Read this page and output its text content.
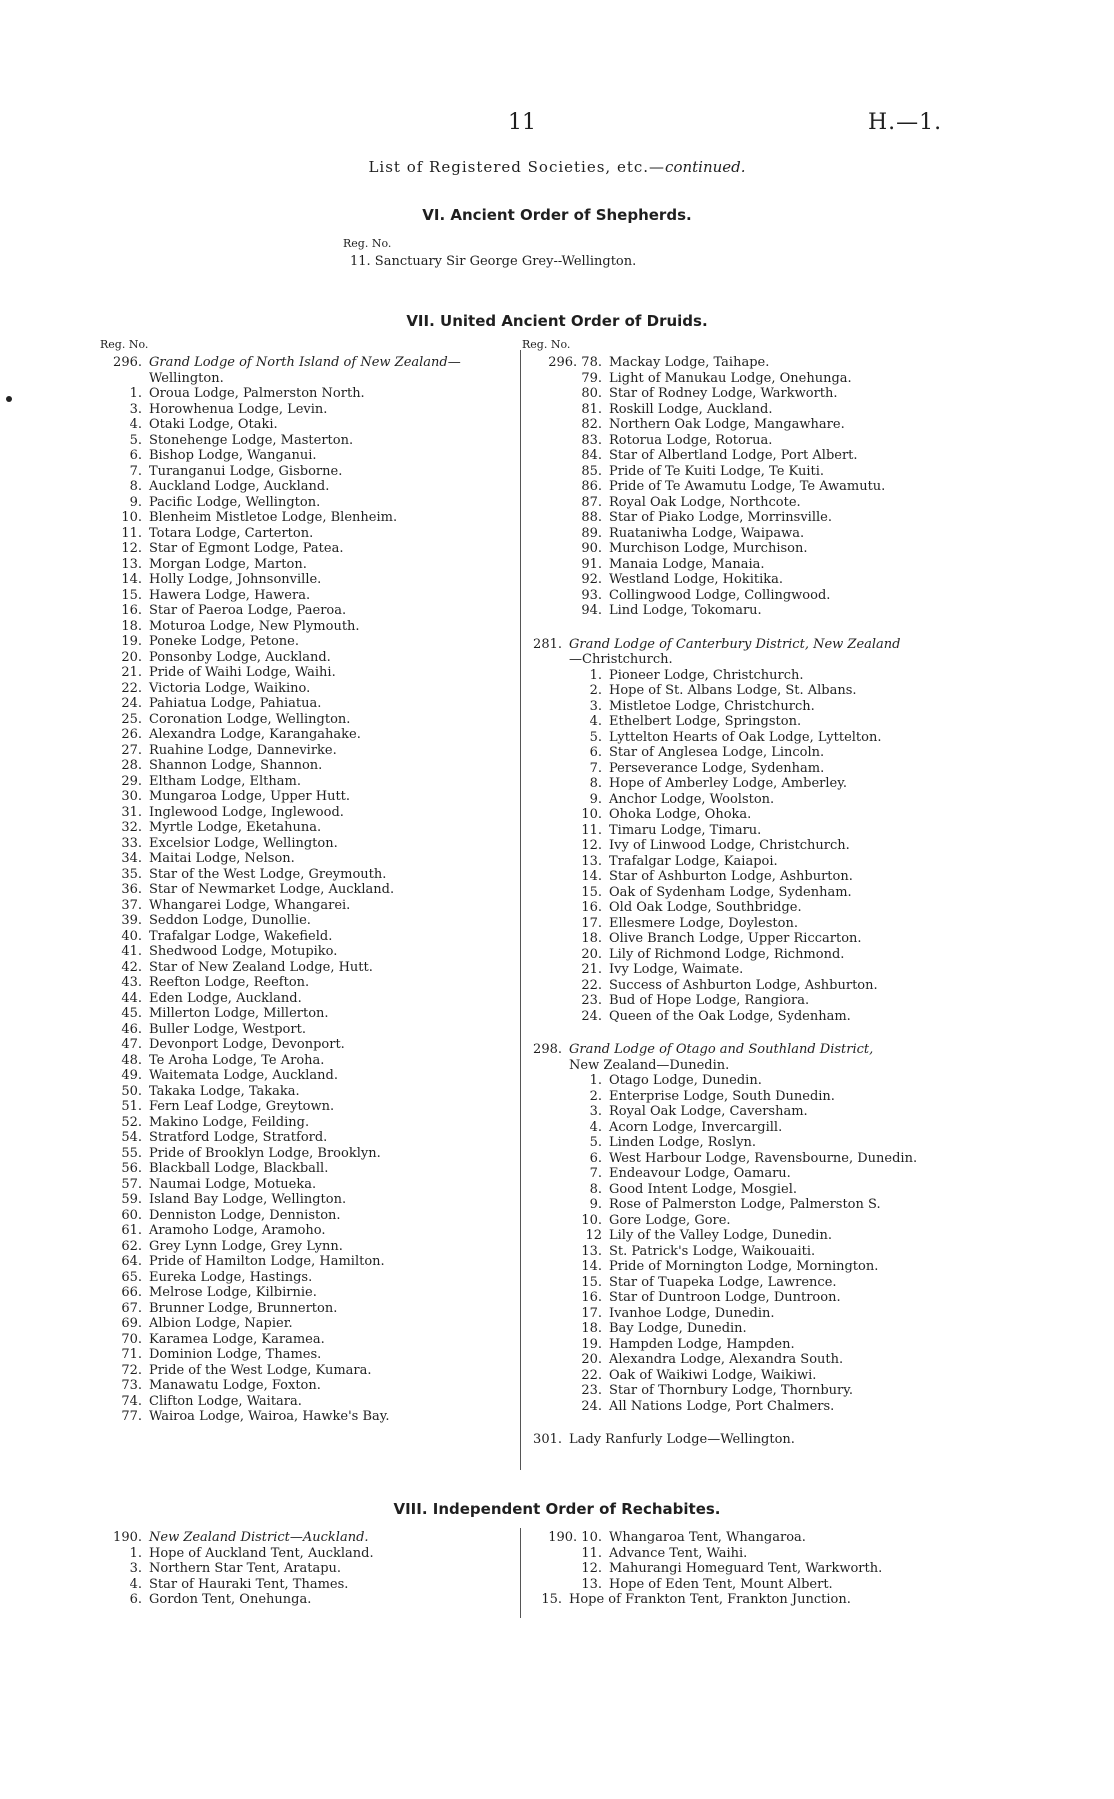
11	H.—1.
List of Registered Societies, etc.—continued.
VI. Ancient Order of Shepherds.
Reg. No.
11. Sanctuary Sir George Grey--Wellington.
VII. United Ancient Order of Druids.
Reg. No.	Reg. No.
296. Grand Lodge of North Island of New Zealand—
Wellington.
1. Oroua Lodge, Palmerston North.
3. Horowhenua Lodge, Levin.
4. Otaki Lodge, Otaki.
5. Stonehenge Lodge, Masterton.
6. Bishop Lodge, Wanganui.
7. Turanganui Lodge, Gisborne.
8. Auckland Lodge, Auckland.
9. Pacific Lodge, Wellington.
10. Blenheim Mistletoe Lodge, Blenheim.
11. Totara Lodge, Carterton.
12. Star of Egmont Lodge, Patea.
13. Morgan Lodge, Marton.
14. Holly Lodge, Johnsonville.
15. Hawera Lodge, Hawera.
16. Star of Paeroa Lodge, Paeroa.
18. Moturoa Lodge, New Plymouth.
19. Poneke Lodge, Petone.
20. Ponsonby Lodge, Auckland.
21. Pride of Waihi Lodge, Waihi.
22. Victoria Lodge, Waikino.
24. Pahiatua Lodge, Pahiatua.
25. Coronation Lodge, Wellington.
26. Alexandra Lodge, Karangahake.
27. Ruahine Lodge, Dannevirke.
28. Shannon Lodge, Shannon.
29. Eltham Lodge, Eltham.
30. Mungaroa Lodge, Upper Hutt.
31. Inglewood Lodge, Inglewood.
32. Myrtle Lodge, Eketahuna.
33. Excelsior Lodge, Wellington.
34. Maitai Lodge, Nelson.
35. Star of the West Lodge, Greymouth.
36. Star of Newmarket Lodge, Auckland.
37. Whangarei Lodge, Whangarei.
39. Seddon Lodge, Dunollie.
40. Trafalgar Lodge, Wakefield.
41. Shedwood Lodge, Motupiko.
42. Star of New Zealand Lodge, Hutt.
43. Reefton Lodge, Reefton.
44. Eden Lodge, Auckland.
45. Millerton Lodge, Millerton.
46. Buller Lodge, Westport.
47. Devonport Lodge, Devonport.
48. Te Aroha Lodge, Te Aroha.
49. Waitemata Lodge, Auckland.
50. Takaka Lodge, Takaka.
51. Fern Leaf Lodge, Greytown.
52. Makino Lodge, Feilding.
54. Stratford Lodge, Stratford.
55. Pride of Brooklyn Lodge, Brooklyn.
56. Blackball Lodge, Blackball.
57. Naumai Lodge, Motueka.
59. Island Bay Lodge, Wellington.
60. Denniston Lodge, Denniston.
61. Aramoho Lodge, Aramoho.
62. Grey Lynn Lodge, Grey Lynn.
64. Pride of Hamilton Lodge, Hamilton.
65. Eureka Lodge, Hastings.
66. Melrose Lodge, Kilbirnie.
67. Brunner Lodge, Brunnerton.
69. Albion Lodge, Napier.
70. Karamea Lodge, Karamea.
71. Dominion Lodge, Thames.
72. Pride of the West Lodge, Kumara.
73. Manawatu Lodge, Foxton.
74. Clifton Lodge, Waitara.
77. Wairoa Lodge, Wairoa, Hawke's Bay.
296. 78. Mackay Lodge, Taihape.
79. Light of Manukau Lodge, Onehunga.
80. Star of Rodney Lodge, Warkworth.
81. Roskill Lodge, Auckland.
82. Northern Oak Lodge, Mangawhare.
83. Rotorua Lodge, Rotorua.
84. Star of Albertland Lodge, Port Albert.
85. Pride of Te Kuiti Lodge, Te Kuiti.
86. Pride of Te Awamutu Lodge, Te Awamutu.
87. Royal Oak Lodge, Northcote.
88. Star of Piako Lodge, Morrinsville.
89. Ruataniwha Lodge, Waipawa.
90. Murchison Lodge, Murchison.
91. Manaia Lodge, Manaia.
92. Westland Lodge, Hokitika.
93. Collingwood Lodge, Collingwood.
94. Lind Lodge, Tokomaru.
281. Grand Lodge of Canterbury District, New Zealand
—Christchurch.
1. Pioneer Lodge, Christchurch.
2. Hope of St. Albans Lodge, St. Albans.
3. Mistletoe Lodge, Christchurch.
4. Ethelbert Lodge, Springston.
5. Lyttelton Hearts of Oak Lodge, Lyttelton.
6. Star of Anglesea Lodge, Lincoln.
7. Perseverance Lodge, Sydenham.
8. Hope of Amberley Lodge, Amberley.
9. Anchor Lodge, Woolston.
10. Ohoka Lodge, Ohoka.
11. Timaru Lodge, Timaru.
12. Ivy of Linwood Lodge, Christchurch.
13. Trafalgar Lodge, Kaiapoi.
14. Star of Ashburton Lodge, Ashburton.
15. Oak of Sydenham Lodge, Sydenham.
16. Old Oak Lodge, Southbridge.
17. Ellesmere Lodge, Doyleston.
18. Olive Branch Lodge, Upper Riccarton.
20. Lily of Richmond Lodge, Richmond.
21. Ivy Lodge, Waimate.
22. Success of Ashburton Lodge, Ashburton.
23. Bud of Hope Lodge, Rangiora.
24. Queen of the Oak Lodge, Sydenham.
298. Grand Lodge of Otago and Southland District,
New Zealand—Dunedin.
1. Otago Lodge, Dunedin.
2. Enterprise Lodge, South Dunedin.
3. Royal Oak Lodge, Caversham.
4. Acorn Lodge, Invercargill.
5. Linden Lodge, Roslyn.
6. West Harbour Lodge, Ravensbourne, Dunedin.
7. Endeavour Lodge, Oamaru.
8. Good Intent Lodge, Mosgiel.
9. Rose of Palmerston Lodge, Palmerston S.
10. Gore Lodge, Gore.
12 Lily of the Valley Lodge, Dunedin.
13. St. Patrick's Lodge, Waikouaiti.
14. Pride of Mornington Lodge, Mornington.
15. Star of Tuapeka Lodge, Lawrence.
16. Star of Duntroon Lodge, Duntroon.
17. Ivanhoe Lodge, Dunedin.
18. Bay Lodge, Dunedin.
19. Hampden Lodge, Hampden.
20. Alexandra Lodge, Alexandra South.
22. Oak of Waikiwi Lodge, Waikiwi.
23. Star of Thornbury Lodge, Thornbury.
24. All Nations Lodge, Port Chalmers.
301. Lady Ranfurly Lodge—Wellington.
VIII. Independent Order of Rechabites.
190. New Zealand District—Auckland.
1. Hope of Auckland Tent, Auckland.
3. Northern Star Tent, Aratapu.
4. Star of Hauraki Tent, Thames.
6. Gordon Tent, Onehunga.
190. 10. Whangaroa Tent, Whangaroa.
11. Advance Tent, Waihi.
12. Mahurangi Homeguard Tent, Warkworth.
13. Hope of Eden Tent, Mount Albert.
15. Hope of Frankton Tent, Frankton Junction.
